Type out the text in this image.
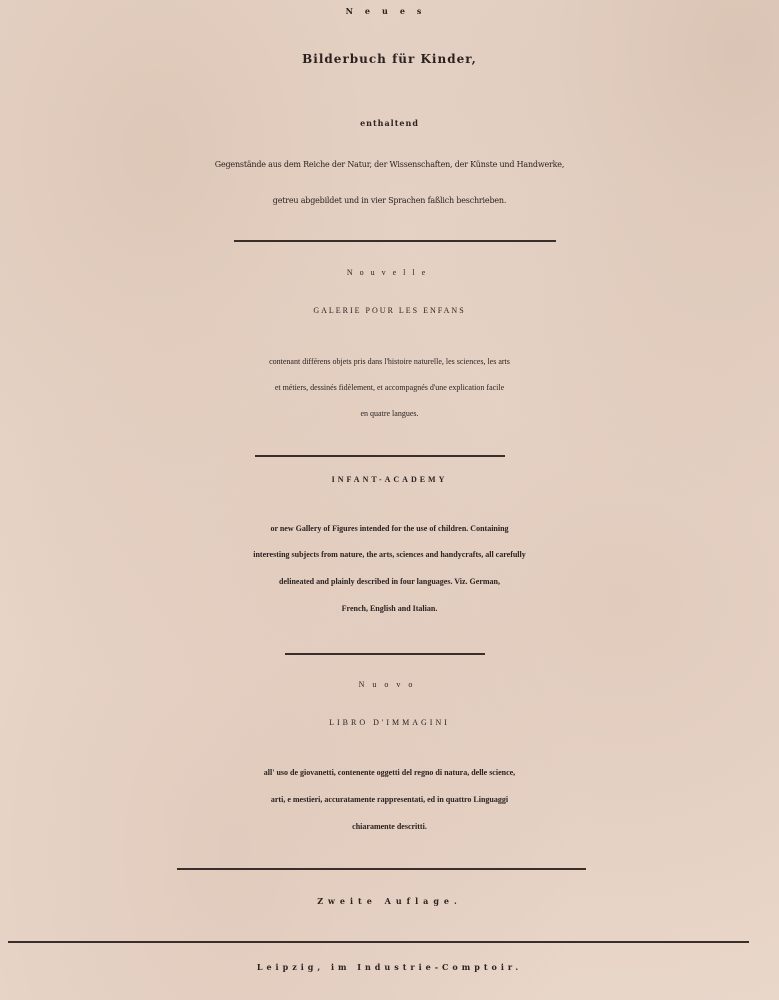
Neues

Bilderbuch für Kinder,

enthaltend

Gegenstände aus dem Reiche der Natur, der Wissenschaften, der Künste und Handwerke,

getreu abgebildet und in vier Sprachen faßlich beschrieben.

Nouvelle

GALERIE POUR LES ENFANS

contenant différens objets pris dans l'histoire naturelle, les sciences, les arts

et métiers, dessinés fidèlement, et accompagnés d'une explication facile

en quatre langues.

INFANT-ACADEMY

or new Gallery of Figures intended for the use of children. Containing

interesting subjects from nature, the arts, sciences and handycrafts, all carefully

delineated and plainly described in four languages. Viz. German,

French, English and Italian.

Nuovo

LIBRO D'IMMAGINI

all' uso de giovanetti, contenente oggetti del regno di natura, delle science,

arti, e mestieri, accuratamente rappresentati, ed in quattro Linguaggi

chiaramente descritti.

Zweite Auflage.

Leipzig, im Industrie-Comptoir.
